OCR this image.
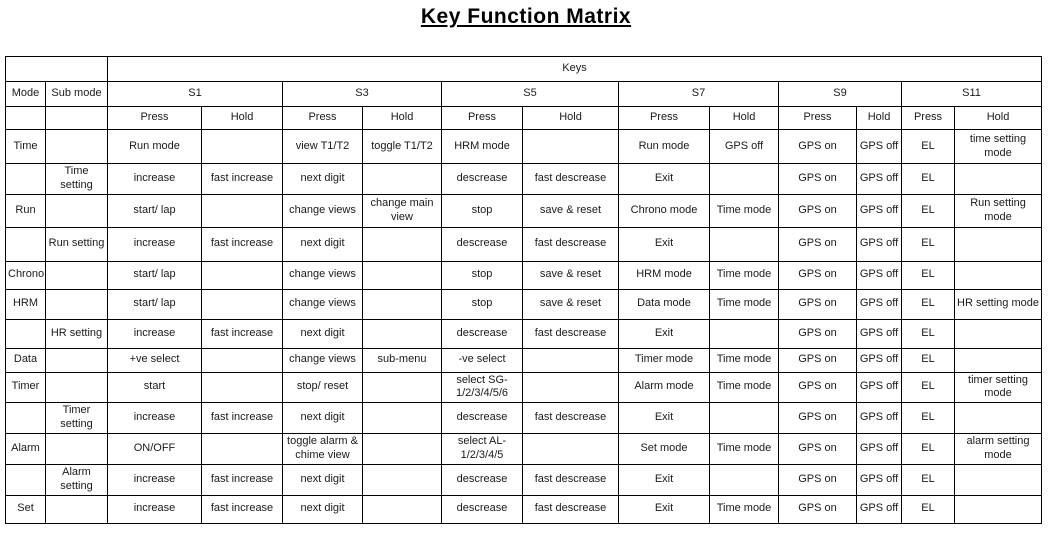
Key Function Matrix
		Keys											
Mode	Sub mode	S1		S3		S5		S7		S9		S11	
		Press	Hold	Press	Hold	Press	Hold	Press	Hold	Press	Hold	Press	Hold
Time		Run mode		view T1/T2	toggle T1/T2	HRM mode		Run mode	GPS off	GPS on	GPS off	EL	time setting mode
	Time setting	increase	fast increase	next digit		descrease	fast descrease	Exit		GPS on	GPS off	EL	
Run		start/ lap		change views	change main view	stop	save & reset	Chrono mode	Time mode	GPS on	GPS off	EL	Run setting mode
	Run setting	increase	fast increase	next digit		descrease	fast descrease	Exit		GPS on	GPS off	EL	
Chrono		start/ lap		change views		stop	save & reset	HRM mode	Time mode	GPS on	GPS off	EL	
HRM		start/ lap		change views		stop	save & reset	Data mode	Time mode	GPS on	GPS off	EL	HR setting mode
	HR setting	increase	fast increase	next digit		descrease	fast descrease	Exit		GPS on	GPS off	EL	
Data		+ve select		change views	sub-menu	-ve select		Timer mode	Time mode	GPS on	GPS off	EL	
Timer		start		stop/ reset		select SG-1/2/3/4/5/6		Alarm mode	Time mode	GPS on	GPS off	EL	timer setting mode
	Timer setting	increase	fast increase	next digit		descrease	fast descrease	Exit		GPS on	GPS off	EL	
Alarm		ON/OFF		toggle alarm & chime view		select AL-1/2/3/4/5		Set mode	Time mode	GPS on	GPS off	EL	alarm setting mode
	Alarm setting	increase	fast increase	next digit		descrease	fast descrease	Exit		GPS on	GPS off	EL	
Set		increase	fast increase	next digit		descrease	fast descrease	Exit	Time mode	GPS on	GPS off	EL	
